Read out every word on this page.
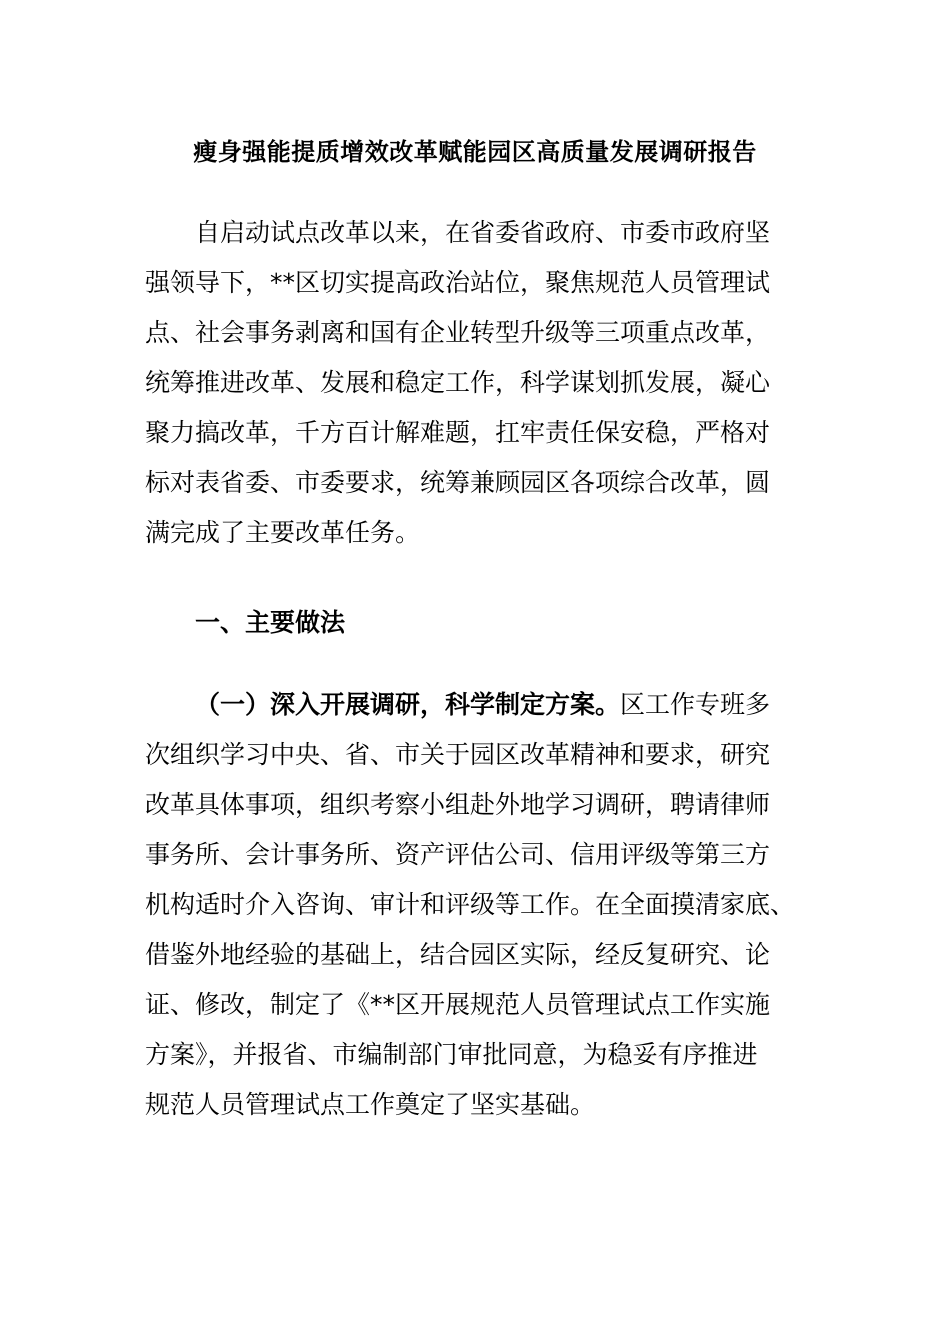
瘦身强能提质增效改革赋能园区高质量发展调研报告
自启动试点改革以来，在省委省政府、市委市政府坚
强领导下，**区切实提高政治站位，聚焦规范人员管理试
点、社会事务剥离和国有企业转型升级等三项重点改革，
统筹推进改革、发展和稳定工作，科学谋划抓发展，凝心
聚力搞改革，千方百计解难题，扛牢责任保安稳，严格对
标对表省委、市委要求，统筹兼顾园区各项综合改革，圆
满完成了主要改革任务。
一、主要做法
（一）深入开展调研，科学制定方案。区工作专班多
次组织学习中央、省、市关于园区改革精神和要求，研究
改革具体事项，组织考察小组赴外地学习调研，聘请律师
事务所、会计事务所、资产评估公司、信用评级等第三方
机构适时介入咨询、审计和评级等工作。在全面摸清家底、
借鉴外地经验的基础上，结合园区实际，经反复研究、论
证、修改，制定了《**区开展规范人员管理试点工作实施
方案》，并报省、市编制部门审批同意，为稳妥有序推进
规范人员管理试点工作奠定了坚实基础。
